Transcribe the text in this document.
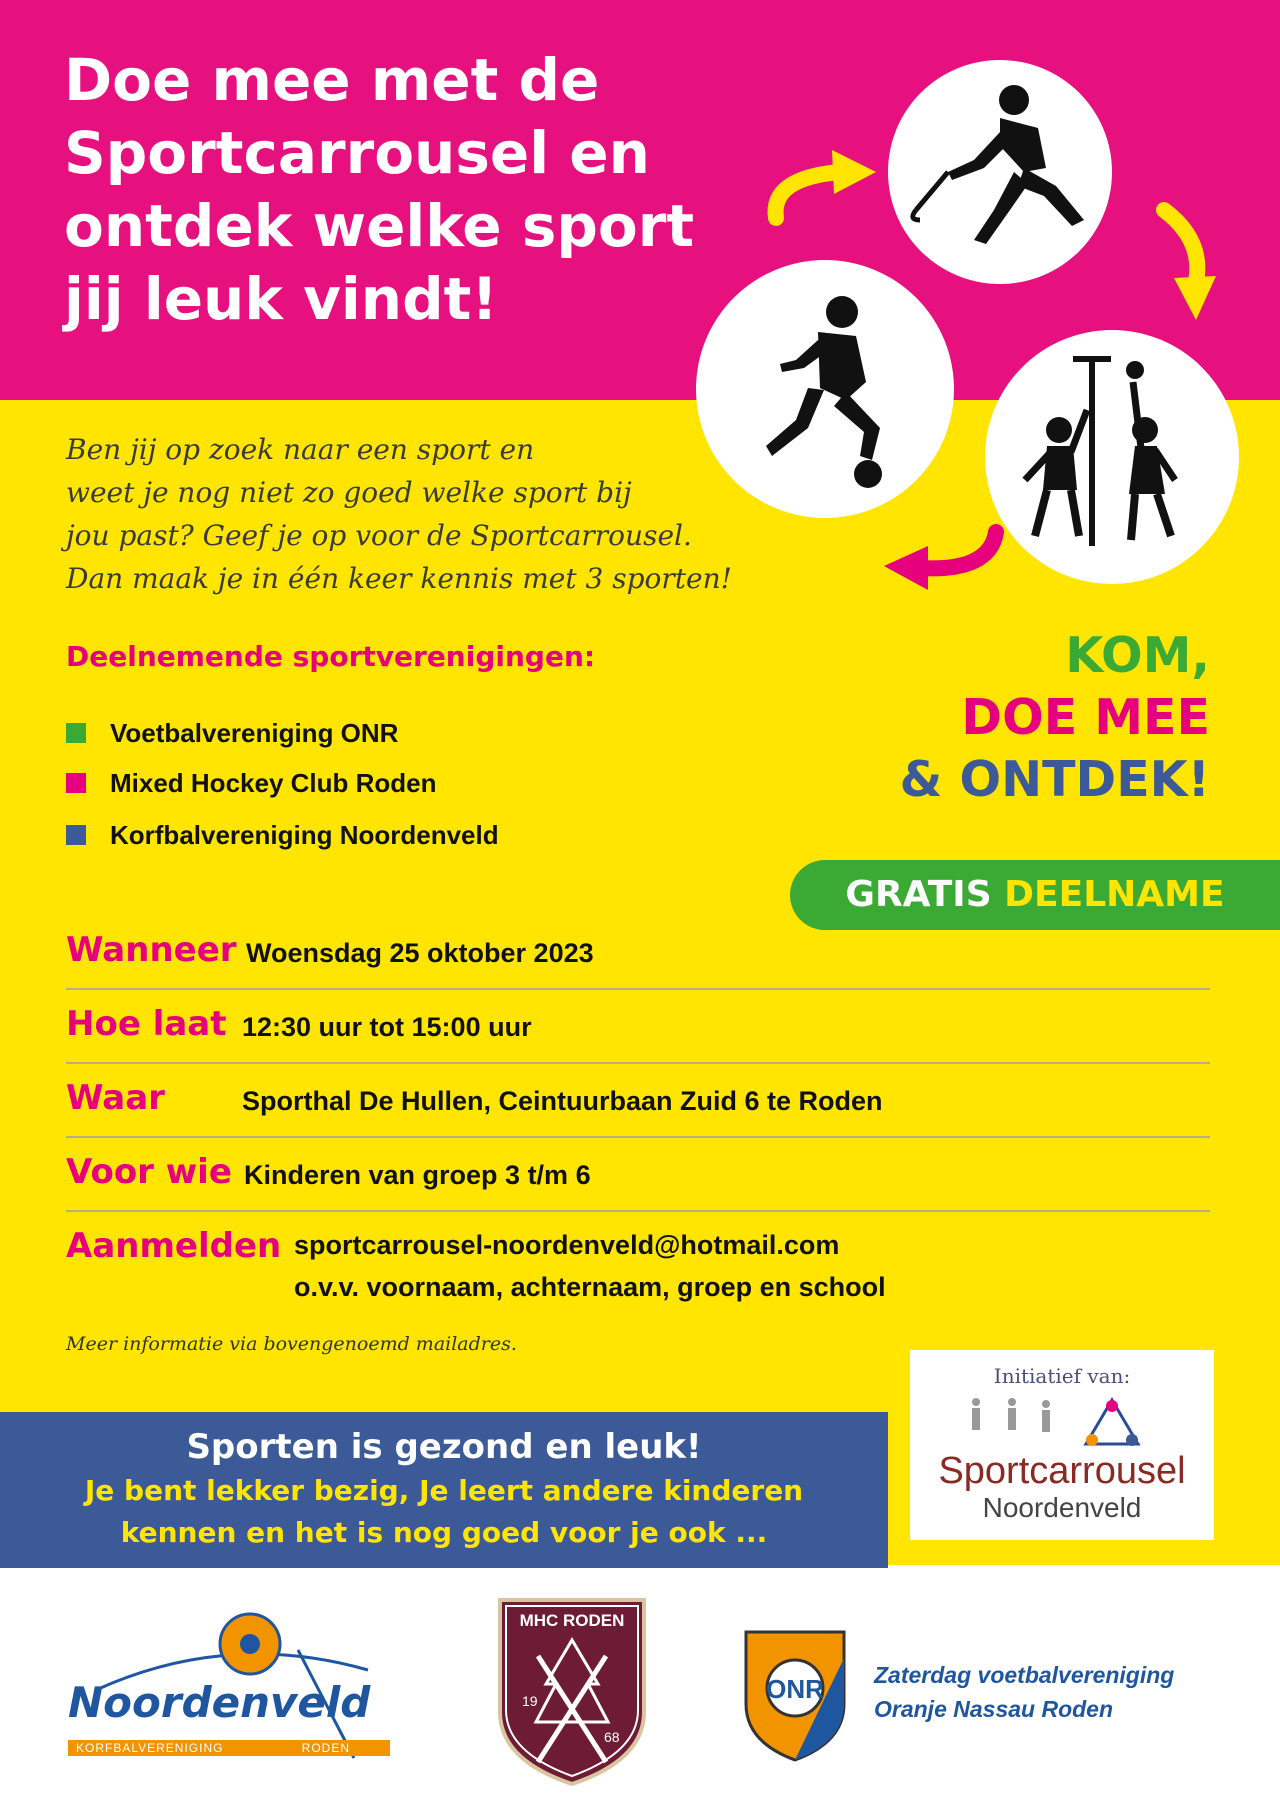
Doe mee met de
Sportcarrousel en
ontdek welke sport
jij leuk vindt!
Ben jij op zoek naar een sport en
weet je nog niet zo goed welke sport bij
jou past? Geef je op voor de Sportcarrousel.
Dan maak je in één keer kennis met 3 sporten!
Deelnemende sportverenigingen:
Voetbalvereniging ONR
Mixed Hockey Club Roden
Korfbalvereniging Noordenveld
KOM,
DOE MEE
& ONTDEK!
GRATIS DEELNAME
Wanneer Woensdag 25 oktober 2023
Hoe laat 12:30 uur tot 15:00 uur
Waar	Sporthal De Hullen, Ceintuurbaan Zuid 6 te Roden
Voor wie Kinderen van groep 3 t/m 6
Aanmelden sportcarrousel-noordenveld@hotmail.com
o.v.v. voornaam, achternaam, groep en school
Meer informatie via bovengenoemd mailadres.
Initiatief van:
Sportcarrousel
Noordenveld
Sporten is gezond en leuk!
Je bent lekker bezig, Je leert andere kinderen
kennen en het is nog goed voor je ook ...
Noordenveld
KORFBALVERENIGING	RODEN
MHC RODEN
19
68
ONR Zaterdag voetbalvereniging
Oranje Nassau Roden
